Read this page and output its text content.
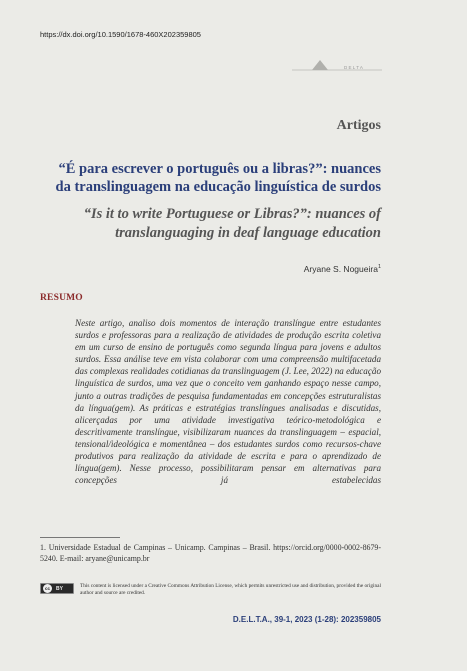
https://dx.doi.org/10.1590/1678-460X202359805
D E L T A
Artigos
“É para escrever o português ou a libras?”: nuances da translinguagem na educação linguística de surdos
“Is it to write Portuguese or Libras?”: nuances of translanguaging in deaf language education
Aryane S. Nogueira$^1$
RESUMO
Neste artigo, analiso dois momentos de interação translíngue entre estudantes surdos e professoras para a realização de atividades de produção escrita coletiva em um curso de ensino de português como segunda língua para jovens e adultos surdos. Essa análise teve em vista colaborar com uma compreensão multifacetada das complexas realidades cotidianas da translinguagem (J. Lee, 2022) na educação linguística de surdos, uma vez que o conceito vem ganhando espaço nesse campo, junto a outras tradições de pesquisa fundamentadas em concepções estruturalistas da língua(gem). As práticas e estratégias translíngues analisadas e discutidas, alicerçadas por uma atividade investigativa teórico-metodológica e descritivamente translíngue, visibilizaram nuances da translinguagem – espacial, tensional/ideológica e momentânea – dos estudantes surdos como recursos-chave produtivos para realização da atividade de escrita e para o aprendizado de língua(gem). Nesse processo, possibilitaram pensar em alternativas para concepções já estabelecidas
1. Universidade Estadual de Campinas – Unicamp. Campinas – Brasil. https://orcid.org/0000-0002-8679-5240. E-mail: aryane@unicamp.br
cc	BY	This content is licensed under a Creative Commons Attribution License, which permits unrestricted use and distribution, provided the original author and source are credited.
D.E.L.T.A., 39-1, 2023 (1-28): 202359805
